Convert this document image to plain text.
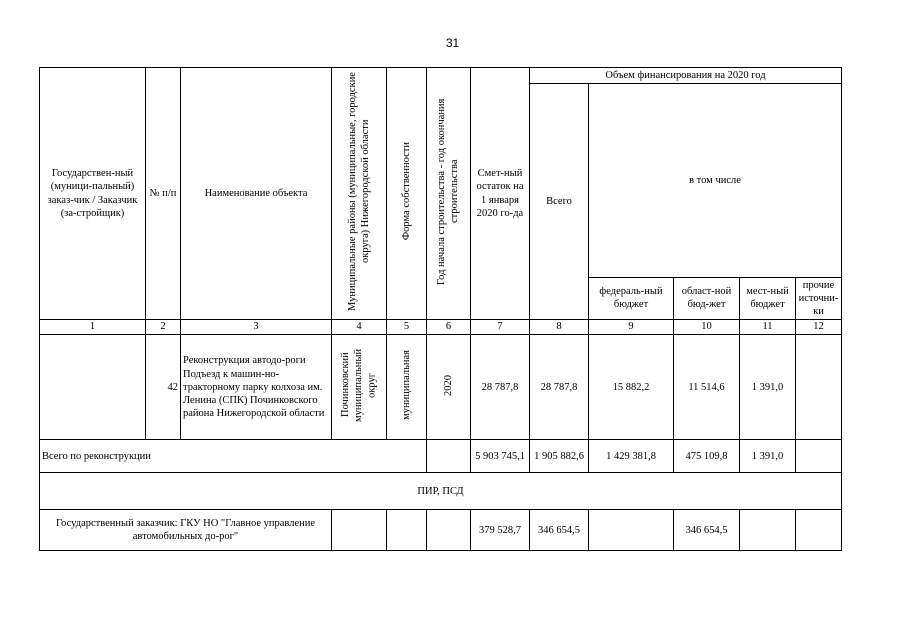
31
Государствен-ный (муници-пальный) заказ-чик / Заказчик (за-стройщик)	№ п/п	Наименование объекта	Муниципальные районы (муниципальные, городские округа) Нижегородской области	Форма собственности	Год начала строительства - год окончания строительства	Смет-ный остаток на 1 января 2020 го-да	Объем финансирования на 2020 год				
							Всего	в том числе			
								федераль-ный бюджет	област-ной бюд-жет	мест-ный бюджет	прочие источни-ки
1	2	3	4	5	6	7	8	9	10	11	12
	42	Реконструкция автодо-роги Подъезд к машин-но-тракторному парку колхоза им. Ленина (СПК) Починковского района Нижегородской области	Починковский муниципальный округ	муниципальная	2020	28 787,8	28 787,8	15 882,2	11 514,6	1 391,0	
Всего по реконструкции						5 903 745,1	1 905 882,6	1 429 381,8	475 109,8	1 391,0	
ПИР, ПСД											
Государственный заказчик: ГКУ НО "Главное управление автомобильных до-рог"						379 528,7	346 654,5		346 654,5		
